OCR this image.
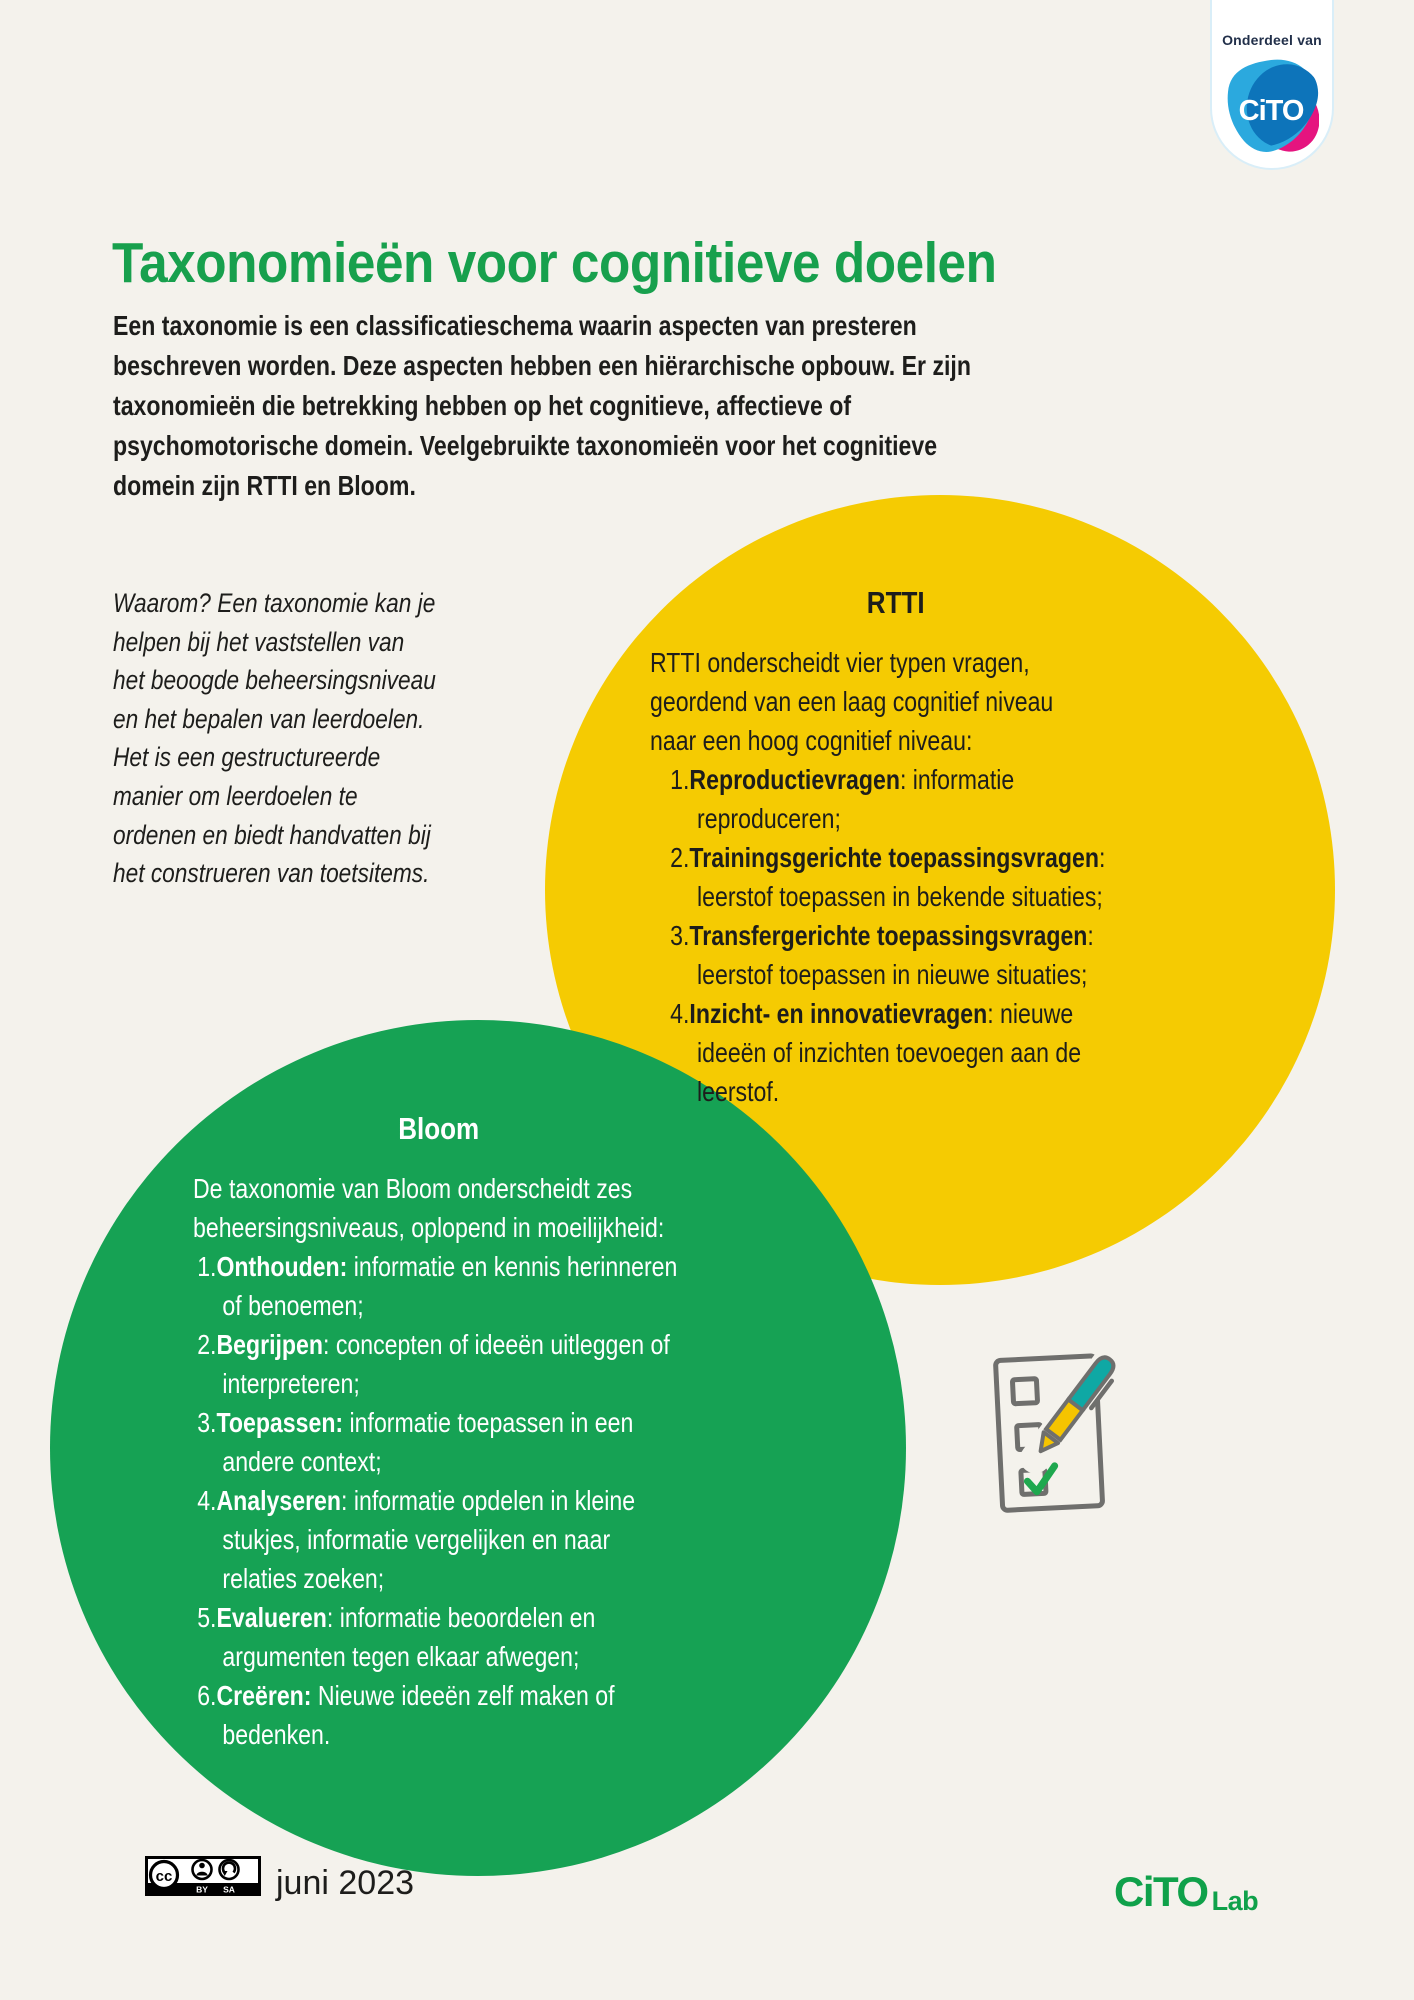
Onderdeel van
CiTO
Taxonomieën voor cognitieve doelen
Een taxonomie is een classificatieschema waarin aspecten van presteren
beschreven worden. Deze aspecten hebben een hiërarchische opbouw. Er zijn
taxonomieën die betrekking hebben op het cognitieve, affectieve of
psychomotorische domein. Veelgebruikte taxonomieën voor het cognitieve
domein zijn RTTI en Bloom.
Waarom? Een taxonomie kan je
helpen bij het vaststellen van
het beoogde beheersingsniveau
en het bepalen van leerdoelen.
Het is een gestructureerde
manier om leerdoelen te
ordenen en biedt handvatten bij
het construeren van toetsitems.
RTTI
RTTI onderscheidt vier typen vragen,
geordend van een laag cognitief niveau
naar een hoog cognitief niveau:
1.Reproductievragen: informatie reproduceren;
2.Trainingsgerichte toepassingsvragen: leerstof toepassen in bekende situaties;
3.Transfergerichte toepassingsvragen: leerstof toepassen in nieuwe situaties;
4.Inzicht- en innovatievragen: nieuwe ideeën of inzichten toevoegen aan de leerstof.
Bloom
De taxonomie van Bloom onderscheidt zes
beheersingsniveaus, oplopend in moeilijkheid:
1.Onthouden: informatie en kennis herinneren of benoemen;
2.Begrijpen: concepten of ideeën uitleggen of interpreteren;
3.Toepassen: informatie toepassen in een andere context;
4.Analyseren: informatie opdelen in kleine stukjes, informatie vergelijken en naar relaties zoeken;
5.Evalueren: informatie beoordelen en argumenten tegen elkaar afwegen;
6.Creëren: Nieuwe ideeën zelf maken of bedenken.
cc
BY SA juni 2023	CiTO Lab
